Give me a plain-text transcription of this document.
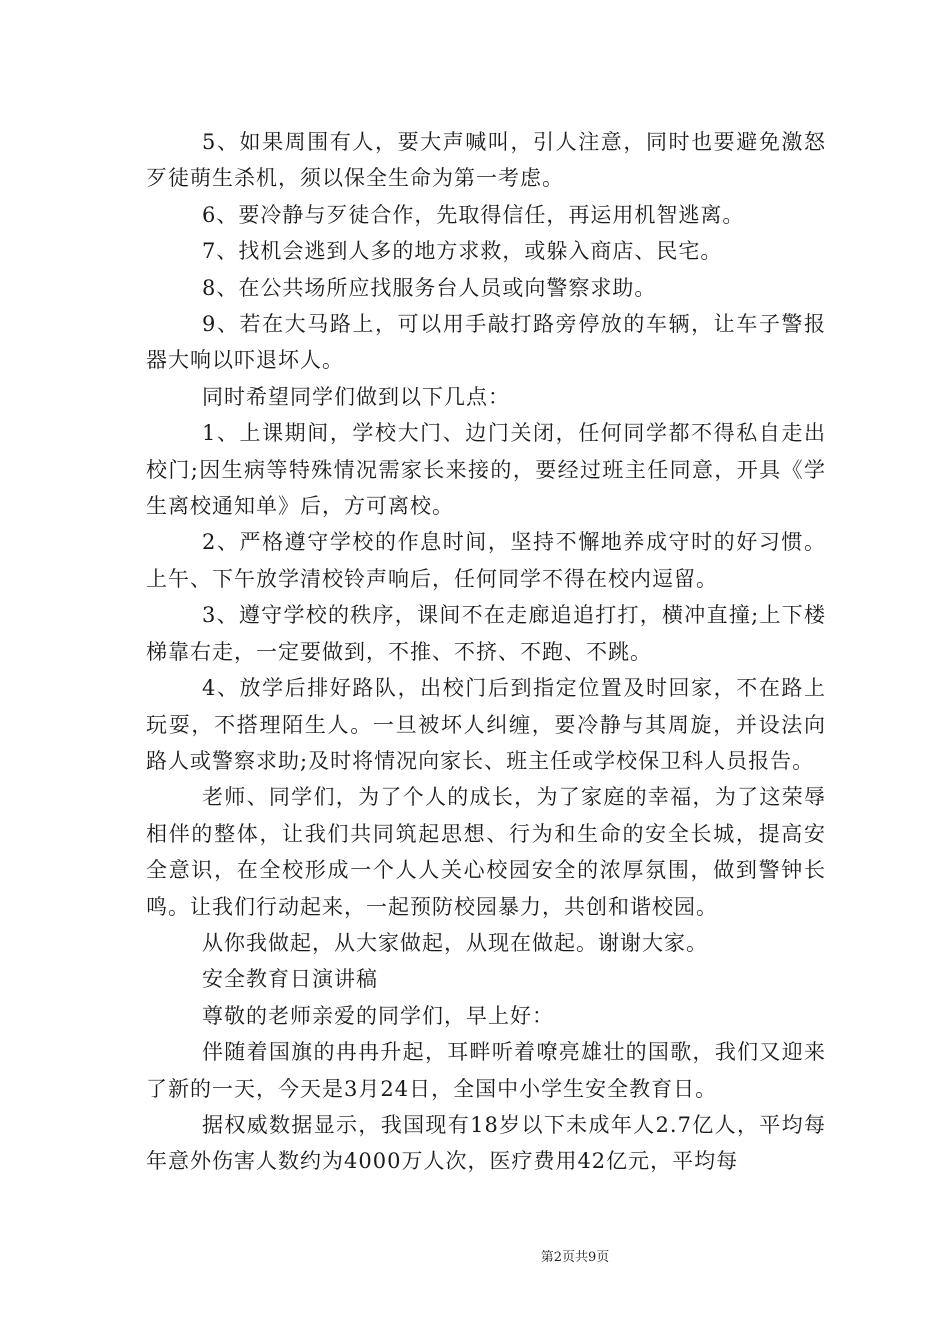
5、如果周围有人，要大声喊叫，引人注意，同时也要避免激怒歹徒萌生杀机，须以保全生命为第一考虑。

6、要冷静与歹徒合作，先取得信任，再运用机智逃离。

7、找机会逃到人多的地方求救，或躲入商店、民宅。

8、在公共场所应找服务台人员或向警察求助。

9、若在大马路上，可以用手敲打路旁停放的车辆，让车子警报器大响以吓退坏人。

同时希望同学们做到以下几点：

1、上课期间，学校大门、边门关闭，任何同学都不得私自走出校门;因生病等特殊情况需家长来接的，要经过班主任同意，开具《学生离校通知单》后，方可离校。

2、严格遵守学校的作息时间，坚持不懈地养成守时的好习惯。上午、下午放学清校铃声响后，任何同学不得在校内逗留。

3、遵守学校的秩序，课间不在走廊追追打打，横冲直撞;上下楼梯靠右走，一定要做到，不推、不挤、不跑、不跳。

4、放学后排好路队，出校门后到指定位置及时回家，不在路上玩耍，不搭理陌生人。一旦被坏人纠缠，要冷静与其周旋，并设法向路人或警察求助;及时将情况向家长、班主任或学校保卫科人员报告。

老师、同学们，为了个人的成长，为了家庭的幸福，为了这荣辱相伴的整体，让我们共同筑起思想、行为和生命的安全长城，提高安全意识，在全校形成一个人人关心校园安全的浓厚氛围，做到警钟长鸣。让我们行动起来，一起预防校园暴力，共创和谐校园。

从你我做起，从大家做起，从现在做起。谢谢大家。

安全教育日演讲稿

尊敬的老师亲爱的同学们，早上好：

伴随着国旗的冉冉升起，耳畔听着嘹亮雄壮的国歌，我们又迎来了新的一天，今天是3月24日，全国中小学生安全教育日。

据权威数据显示，我国现有18岁以下未成年人2.7亿人，平均每年意外伤害人数约为4000万人次，医疗费用42亿元，平均每

第2页共9页
